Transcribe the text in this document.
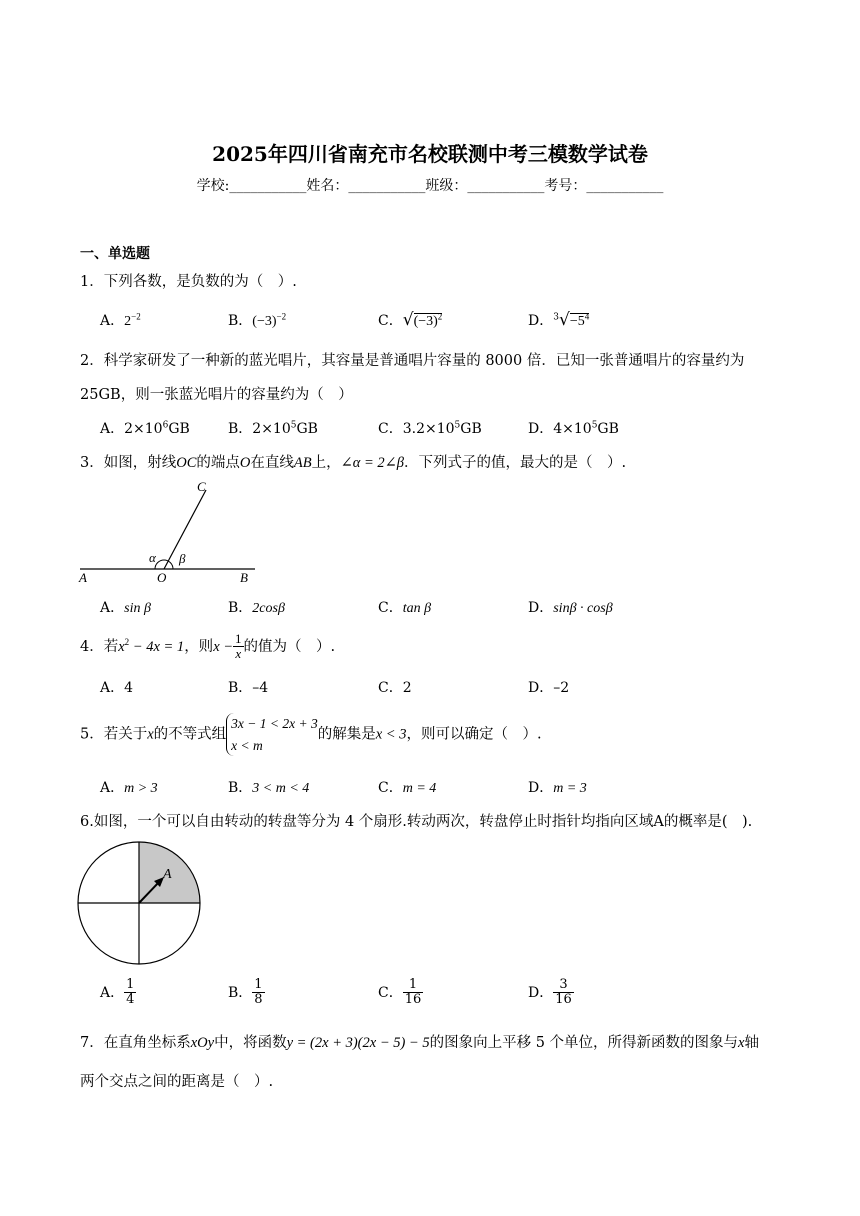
2025年四川省南充市名校联测中考三模数学试卷
学校:___________姓名：___________班级：___________考号：___________
一、单选题
1．下列各数，是负数的为（　）.
A．$2^{-2}$	B．$(-3)^{-2}$	C．$√(-3)^2$	D．$^3√-5^4$
2．科学家研发了一种新的蓝光唱片，其容量是普通唱片容量的 8000 倍．已知一张普通唱片的容量约为
25GB，则一张蓝光唱片的容量约为（　）
A．$2\times 10^6GB$	B．$2\times 10^5GB$	C．$3.2\times 10^5GB$	D．$4\times 10^5GB$
3．如图，射线OC的端点O在直线AB上，∠α = 2∠β．下列式子的值，最大的是（　）.
C
α β
A	O	B
A．sin β	B．2cosβ	C．tan β	D．sinβ · cosβ
4．若$x^2 - 4x = 1$，则$x - \frac{1}{x}$ 的值为（　）.
A．4	B．–4	C．2	D．–2
5．若关于x的不等式组
3x − 1 < 2x + 3
x < m
的解集是x < 3，则可以确定（　）.
A．m > 3	B．3 < m < 4	C．m = 4	D．m = 3
6.如图，一个可以自由转动的转盘等分为 4 个扇形.转动两次，转盘停止时指针均指向区域A的概率是(　).
A
A． $\frac{1}{4}$	B． $\frac{1}{8}$	C． $\frac{1}{16}$	D． $\frac{3}{16}$
7．在直角坐标系xOy中，将函数y = (2x + 3)(2x − 5) − 5的图象向上平移 5 个单位，所得新函数的图象与x轴
两个交点之间的距离是（　）.
